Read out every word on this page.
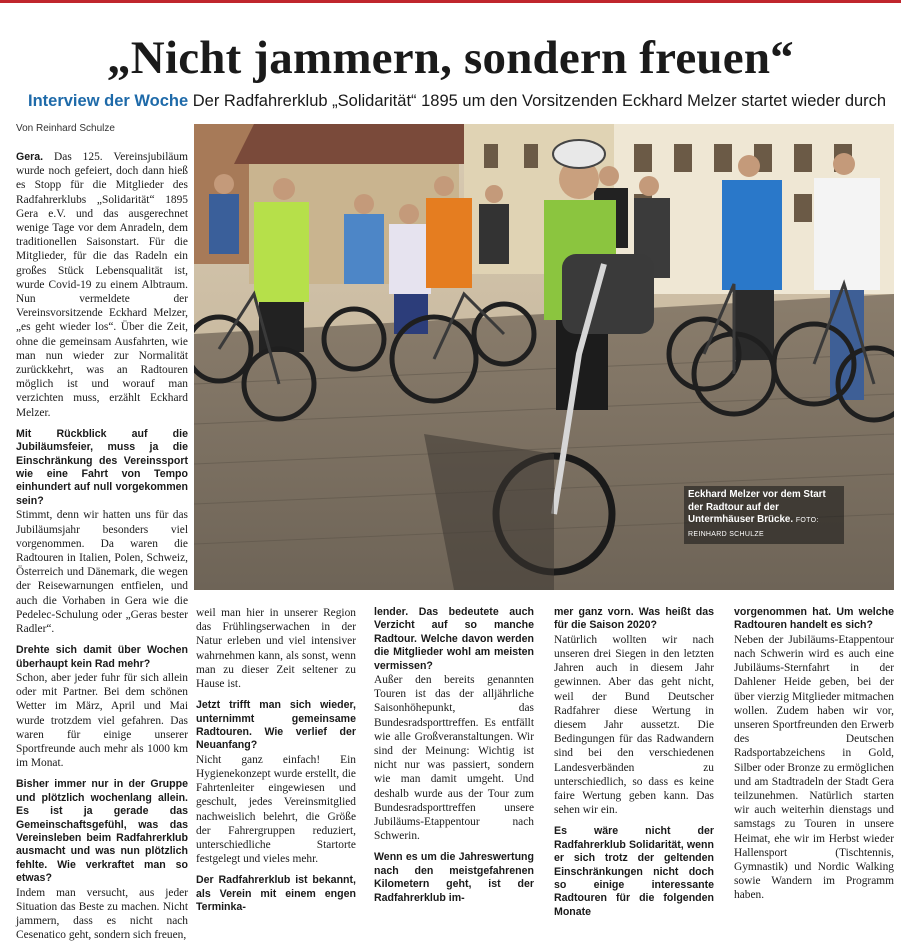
„Nicht jammern, sondern freuen“
Interview der Woche Der Radfahrerklub „Solidarität“ 1895 um den Vorsitzenden Eckhard Melzer startet wieder durch
Von Reinhard Schulze

Gera. Das 125. Vereinsjubiläum wurde noch gefeiert, doch dann hieß es Stopp für die Mitglieder des Radfahrerklubs „Solidarität“ 1895 Gera e.V. und das ausgerechnet wenige Tage vor dem Anradeln, dem traditionellen Saisonstart. Für die Mitglieder, für die das Radeln ein großes Stück Lebensqualität ist, wurde Covid-19 zu einem Albtraum. Nun vermeldete der Vereinsvorsitzende Eckhard Melzer, „es geht wieder los“. Über die Zeit, ohne die gemeinsam Ausfahrten, wie man nun wieder zur Normalität zurückkehrt, was an Radtouren möglich ist und worauf man verzichten muss, erzählt Eckhard Melzer.

Mit Rückblick auf die Jubiläumsfeier, muss ja die Einschränkung des Vereinssport wie eine Fahrt von Tempo einhundert auf null vorgekommen sein?

Stimmt, denn wir hatten uns für das Jubiläumsjahr besonders viel vorgenommen. Da waren die Radtouren in Italien, Polen, Schweiz, Österreich und Dänemark, die wegen der Reisewarnungen entfielen, und auch die Vorhaben in Gera wie die Pedelec-Schulung oder „Geras bester Radler“.

Drehte sich damit über Wochen überhaupt kein Rad mehr?

Schon, aber jeder fuhr für sich allein oder mit Partner. Bei dem schönen Wetter im März, April und Mai wurde trotzdem viel gefahren. Das waren für einige unserer Sportfreunde auch mehr als 1000 km im Monat.

Bisher immer nur in der Gruppe und plötzlich wochenlang allein. Es ist ja gerade das Gemeinschaftsgefühl, was das Vereinsleben beim Radfahrerklub ausmacht und was nun plötzlich fehlte. Wie verkraftet man so etwas?

Indem man versucht, aus jeder Situation das Beste zu machen. Nicht jammern, dass es nicht nach Cesenatico geht, sondern sich freuen,

Eckhard Melzer vor dem Start der Radtour auf der Untermhäuser Brücke. FOTO: REINHARD SCHULZE

weil man hier in unserer Region das Frühlingserwachen in der Natur erleben und viel intensiver wahrnehmen kann, als sonst, wenn man zu dieser Zeit seltener zu Hause ist.

Jetzt trifft man sich wieder, unternimmt gemeinsame Radtouren. Wie verlief der Neuanfang?

Nicht ganz einfach! Ein Hygienekonzept wurde erstellt, die Fahrtenleiter eingewiesen und geschult, jedes Vereinsmitglied nachweislich belehrt, die Größe der Fahrergruppen reduziert, unterschiedliche Startorte festgelegt und vieles mehr.

Der Radfahrerklub ist bekannt, als Verein mit einem engen Terminka-

lender. Das bedeutete auch Verzicht auf so manche Radtour. Welche davon werden die Mitglieder wohl am meisten vermissen?

Außer den bereits genannten Touren ist das der alljährliche Saisonhöhepunkt, das Bundesradsporttreffen. Es entfällt wie alle Großveranstaltungen. Wir sind der Meinung: Wichtig ist nicht nur was passiert, sondern wie man damit umgeht. Und deshalb wurde aus der Tour zum Bundesradsporttreffen unsere Jubiläums-Etappentour nach Schwerin.

Wenn es um die Jahreswertung nach den meistgefahrenen Kilometern geht, ist der Radfahrerklub im-

mer ganz vorn. Was heißt das für die Saison 2020?

Natürlich wollten wir nach unseren drei Siegen in den letzten Jahren auch in diesem Jahr gewinnen. Aber das geht nicht, weil der Bund Deutscher Radfahrer diese Wertung in diesem Jahr aussetzt. Die Bedingungen für das Radwandern sind bei den verschiedenen Landesverbänden zu unterschiedlich, so dass es keine faire Wertung geben kann. Das sehen wir ein.

Es wäre nicht der Radfahrerklub Solidarität, wenn er sich trotz der geltenden Einschränkungen nicht doch so einige interessante Radtouren für die folgenden Monate

vorgenommen hat. Um welche Radtouren handelt es sich?

Neben der Jubiläums-Etappentour nach Schwerin wird es auch eine Jubiläums-Sternfahrt in der Dahlener Heide geben, bei der über vierzig Mitglieder mitmachen wollen. Zudem haben wir vor, unseren Sportfreunden den Erwerb des Deutschen Radsportabzeichens in Gold, Silber oder Bronze zu ermöglichen und am Stadtradeln der Stadt Gera teilzunehmen. Natürlich starten wir auch weiterhin dienstags und samstags zu Touren in unsere Heimat, ehe wir im Herbst wieder Hallensport (Tischtennis, Gymnastik) und Nordic Walking sowie Wandern im Programm haben.
